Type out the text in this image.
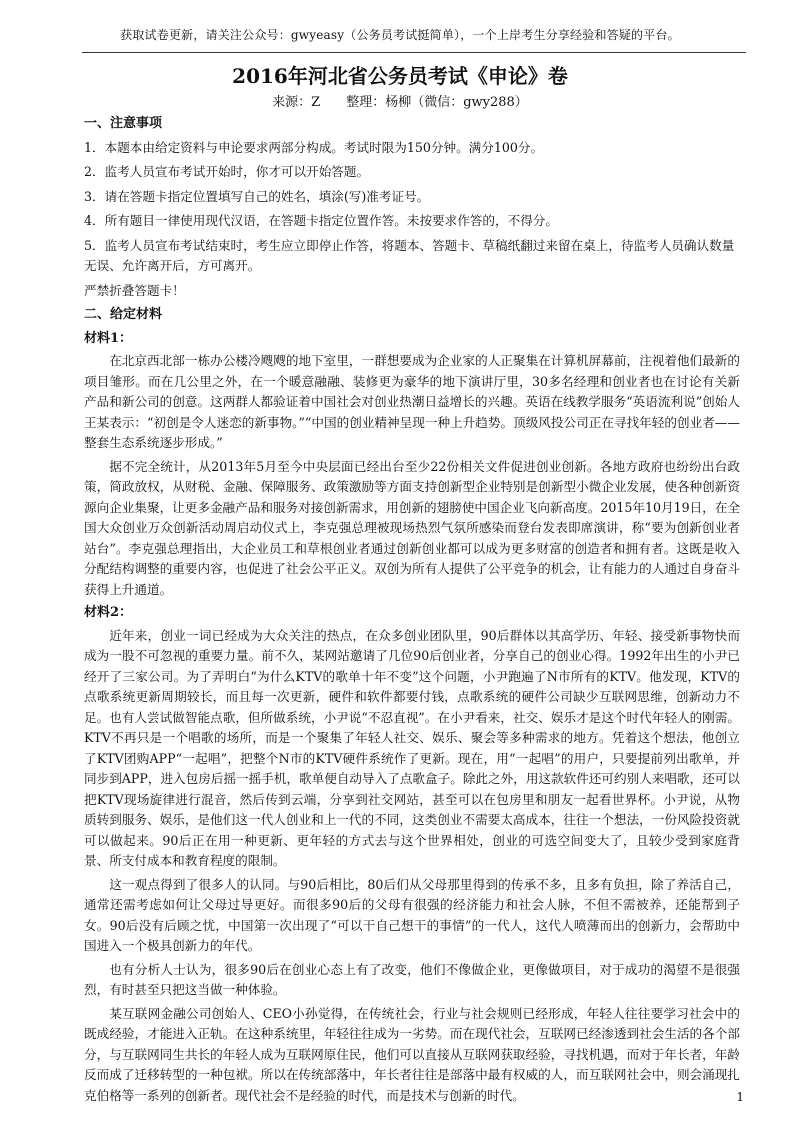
获取试卷更新，请关注公众号：gwyeasy（公务员考试挺简单），一个上岸考生分享经验和答疑的平台。
2016年河北省公务员考试《申论》卷
来源：Z　　整理：杨柳（微信：gwy288）
一、注意事项

1．本题本由给定资料与申论要求两部分构成。考试时限为150分钟。满分100分。

2．监考人员宣布考试开始时，你才可以开始答题。

3．请在答题卡指定位置填写自己的姓名，填涂(写)准考证号。

4．所有题目一律使用现代汉语，在答题卡指定位置作答。未按要求作答的，不得分。

5．监考人员宣布考试结束时，考生应立即停止作答，将题本、答题卡、草稿纸翻过来留在桌上，待监考人员确认数量无误、允许离开后，方可离开。

严禁折叠答题卡！

二、给定材料
材料1：

在北京西北部一栋办公楼冷飕飕的地下室里，一群想要成为企业家的人正聚集在计算机屏幕前，注视着他们最新的项目雏形。而在几公里之外，在一个暖意融融、装修更为豪华的地下演讲厅里，30多名经理和创业者也在讨论有关新产品和新公司的创意。这两群人都验证着中国社会对创业热潮日益增长的兴趣。英语在线教学服务“英语流利说”创始人王某表示：“初创是令人迷恋的新事物。”“中国的创业精神呈现一种上升趋势。顶级风投公司正在寻找年轻的创业者——整套生态系统逐步形成。”

据不完全统计，从2013年5月至今中央层面已经出台至少22份相关文件促进创业创新。各地方政府也纷纷出台政策，简政放权，从财税、金融、保障服务、政策激励等方面支持创新型企业特别是创新型小微企业发展，使各种创新资源向企业集聚，让更多金融产品和服务对接创新需求，用创新的翅膀使中国企业飞向新高度。2015年10月19日，在全国大众创业万众创新活动周启动仪式上，李克强总理被现场热烈气氛所感染而登台发表即席演讲，称“要为创新创业者站台”。李克强总理指出，大企业员工和草根创业者通过创新创业都可以成为更多财富的创造者和拥有者。这既是收入分配结构调整的重要内容，也促进了社会公平正义。双创为所有人提供了公平竞争的机会，让有能力的人通过自身奋斗获得上升通道。

材料2：

近年来，创业一词已经成为大众关注的热点，在众多创业团队里，90后群体以其高学历、年轻、接受新事物快而成为一股不可忽视的重要力量。前不久，某网站邀请了几位90后创业者，分享自己的创业心得。1992年出生的小尹已经开了三家公司。为了弄明白“为什么KTV的歌单十年不变”这个问题，小尹跑遍了N市所有的KTV。他发现，KTV的点歌系统更新周期较长，而且每一次更新，硬件和软件都要付钱，点歌系统的硬件公司缺少互联网思维，创新动力不足。也有人尝试做智能点歌，但所做系统，小尹说“不忍直视”。在小尹看来，社交、娱乐才是这个时代年轻人的刚需。KTV不再只是一个唱歌的场所，而是一个聚集了年轻人社交、娱乐、聚会等多种需求的地方。凭着这个想法，他创立了KTV团购APP“一起唱”，把整个N市的KTV硬件系统作了更新。现在，用“一起唱”的用户，只要提前列出歌单，并同步到APP，进入包房后摇一摇手机，歌单便自动导入了点歌盒子。除此之外，用这款软件还可约别人来唱歌，还可以把KTV现场旋律进行混音，然后传到云端，分享到社交网站，甚至可以在包房里和朋友一起看世界杯。小尹说，从物质转到服务、娱乐，是他们这一代人创业和上一代的不同，这类创业不需要太高成本，往往一个想法，一份风险投资就可以做起来。90后正在用一种更新、更年轻的方式去与这个世界相处，创业的可选空间变大了，且较少受到家庭背景、所支付成本和教育程度的限制。

这一观点得到了很多人的认同。与90后相比，80后们从父母那里得到的传承不多，且多有负担，除了养活自己，通常还需考虑如何让父母过导更好。而很多90后的父母有很强的经济能力和社会人脉，不但不需被养，还能帮到子女。90后没有后顾之忧，中国第一次出现了“可以干自己想干的事情”的一代人，这代人喷薄而出的创新力，会帮助中国进入一个极具创新力的年代。

也有分析人士认为，很多90后在创业心态上有了改变，他们不像做企业，更像做项目，对于成功的渴望不是很强烈，有时甚至只把这当做一种体验。

某互联网金融公司创始人、CEO小孙觉得，在传统社会，行业与社会规则已经形成，年轻人往往要学习社会中的既成经验，才能进入正轨。在这种系统里，年轻往往成为一劣势。而在现代社会，互联网已经渗透到社会生活的各个部分，与互联网同生共长的年轻人成为互联网原住民，他们可以直接从互联网获取经验，寻找机遇，而对于年长者，年龄反而成了迁移转型的一种包袱。所以在传统部落中，年长者往往是部落中最有权威的人，而互联网社会中，则会涌现扎克伯格等一系列的创新者。现代社会不是经验的时代，而是技术与创新的时代。	1
